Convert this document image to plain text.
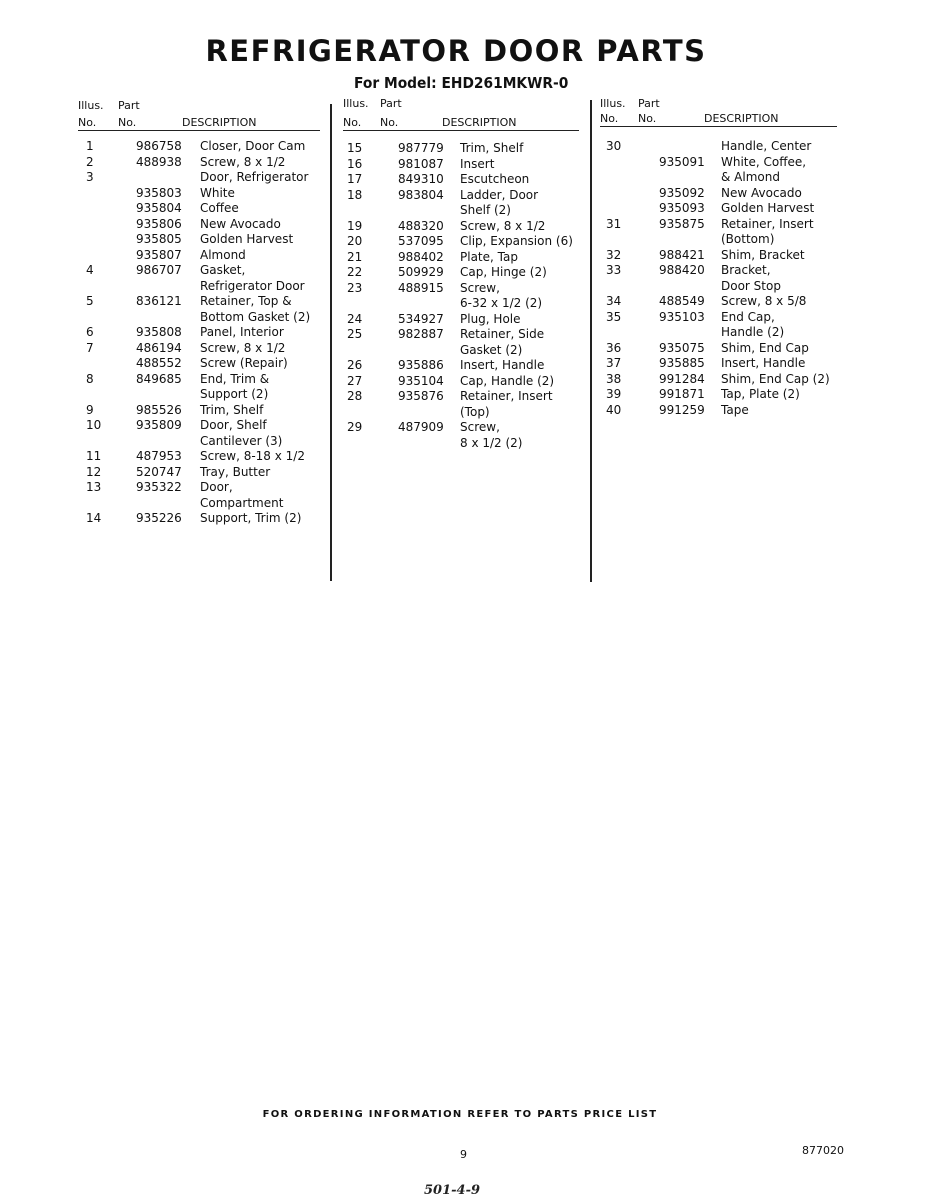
REFRIGERATOR DOOR PARTS
For Model: EHD261MKWR-0
Illus. Part
No. No.	DESCRIPTION
1	986758 Closer, Door Cam
2	488938 Screw, 8 x 1/2
3	Door, Refrigerator
935803 White
935804 Coffee
935806 New Avocado
935805 Golden Harvest
935807 Almond
4	986707 Gasket,
Refrigerator Door
5	836121 Retainer, Top &
Bottom Gasket (2)
6	935808 Panel, Interior
7	486194 Screw, 8 x 1/2
488552 Screw (Repair)
8	849685 End, Trim &
Support (2)
9	985526 Trim, Shelf
10	935809 Door, Shelf
Cantilever (3)
11	487953 Screw, 8-18 x 1/2
12	520747 Tray, Butter
13	935322 Door,
Compartment
14	935226 Support, Trim (2)
Illus. Part
No. No.	DESCRIPTION
15	987779 Trim, Shelf
16	981087 Insert
17	849310 Escutcheon
18	983804 Ladder, Door
Shelf (2)
19	488320 Screw, 8 x 1/2
20	537095 Clip, Expansion (6)
21	988402 Plate, Tap
22	509929 Cap, Hinge (2)
23	488915 Screw,
6-32 x 1/2 (2)
24	534927 Plug, Hole
25	982887 Retainer, Side
Gasket (2)
26	935886 Insert, Handle
27	935104 Cap, Handle (2)
28	935876 Retainer, Insert
(Top)
29	487909 Screw,
8 x 1/2 (2)
Illus. Part
No. No.	DESCRIPTION
30	Handle, Center
935091 White, Coffee,
& Almond
935092 New Avocado
935093 Golden Harvest
31	935875 Retainer, Insert
(Bottom)
32	988421 Shim, Bracket
33	988420 Bracket,
Door Stop
34	488549 Screw, 8 x 5/8
35	935103 End Cap,
Handle (2)
36	935075 Shim, End Cap
37	935885 Insert, Handle
38	991284 Shim, End Cap (2)
39	991871 Tap, Plate (2)
40	991259 Tape
FOR ORDERING INFORMATION REFER TO PARTS PRICE LIST
9	877020
501-4-9
